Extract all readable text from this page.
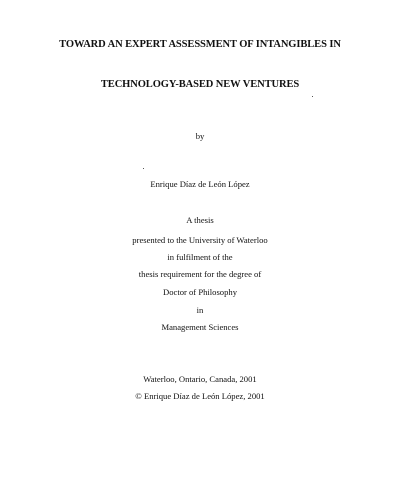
TOWARD AN EXPERT ASSESSMENT OF INTANGIBLES IN
TECHNOLOGY-BASED NEW VENTURES
by
Enrique Díaz de León López
A thesis
presented to the University of Waterloo
in fulfilment of the
thesis requirement for the degree of
Doctor of Philosophy
in
Management Sciences
Waterloo, Ontario, Canada, 2001
© Enrique Díaz de León López, 2001
